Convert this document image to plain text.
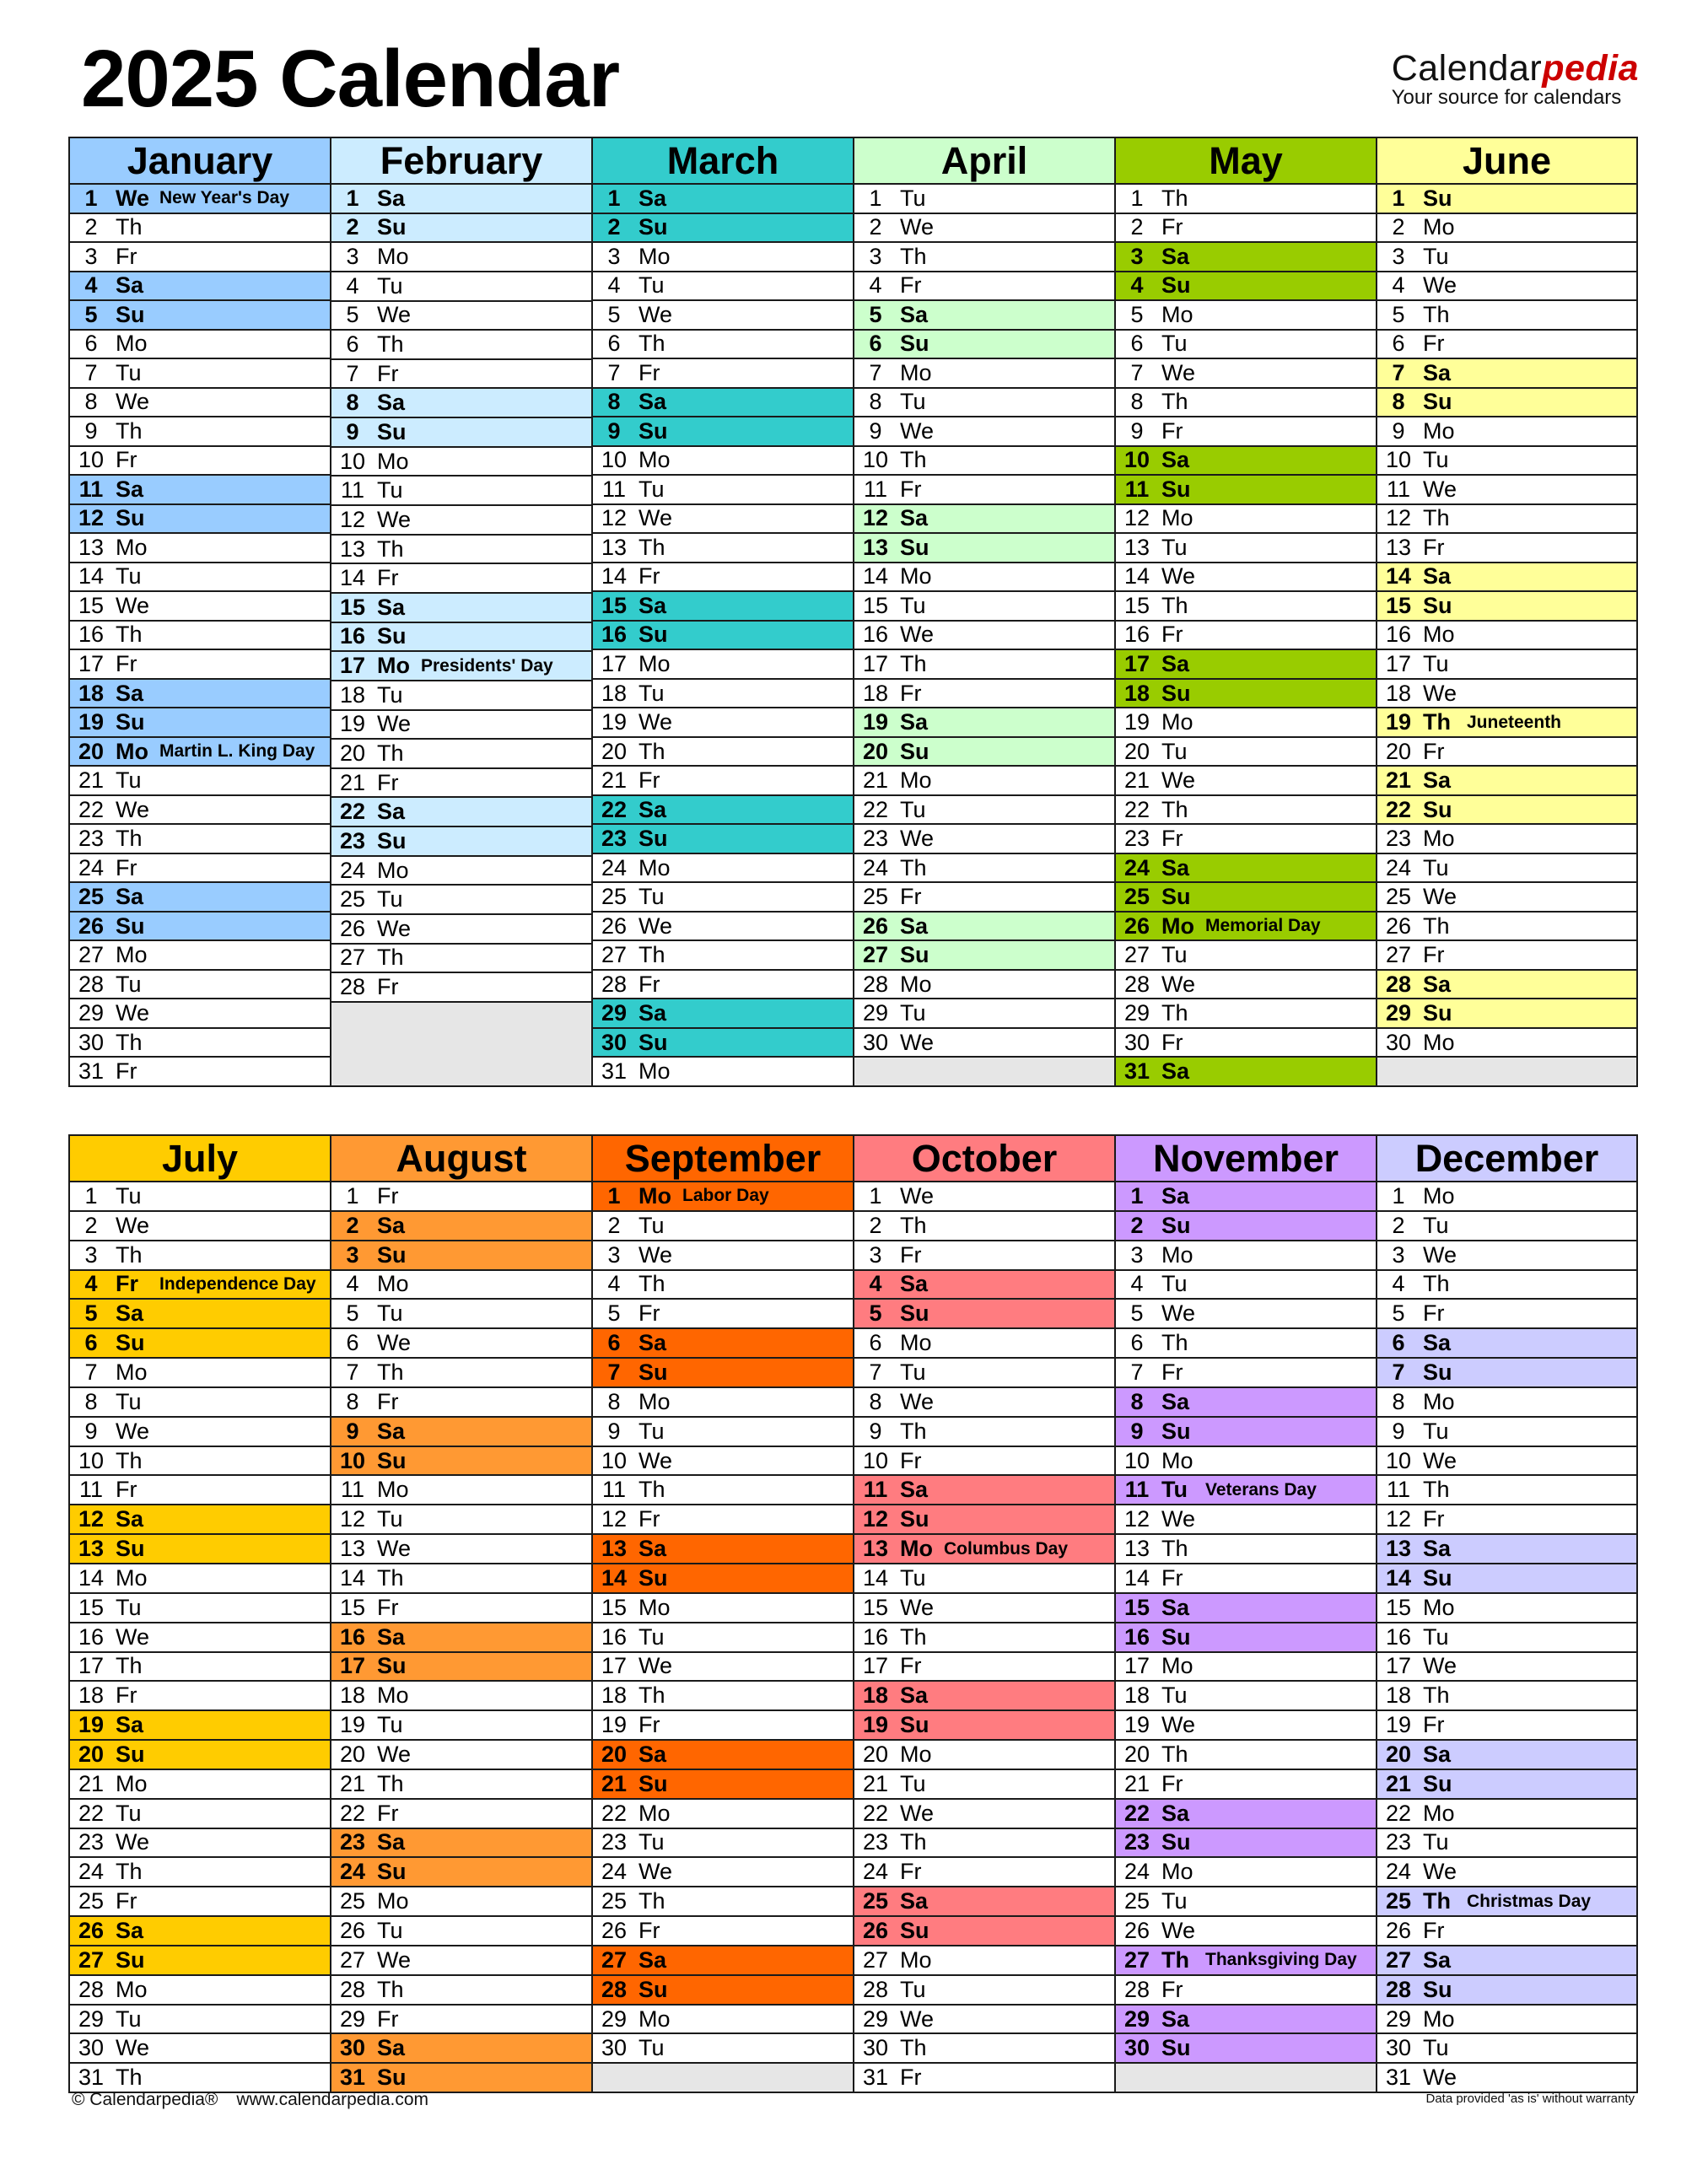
2025 Calendar	Calendarpedia
Your source for calendars
January
1 We New Year's Day
2 Th
3 Fr
4 Sa
5 Su
6 Mo
7 Tu
8 We
9 Th
10 Fr
11 Sa
12 Su
13 Mo
14 Tu
15 We
16 Th
17 Fr
18 Sa
19 Su
20 Mo Martin L. King Day
21 Tu
22 We
23 Th
24 Fr
25 Sa
26 Su
27 Mo
28 Tu
29 We
30 Th
31 Fr
February
1 Sa
2 Su
3 Mo
4 Tu
5 We
6 Th
7 Fr
8 Sa
9 Su
10 Mo
11 Tu
12 We
13 Th
14 Fr
15 Sa
16 Su
17 Mo Presidents' Day
18 Tu
19 We
20 Th
21 Fr
22 Sa
23 Su
24 Mo
25 Tu
26 We
27 Th
28 Fr
March
1 Sa
2 Su
3 Mo
4 Tu
5 We
6 Th
7 Fr
8 Sa
9 Su
10 Mo
11 Tu
12 We
13 Th
14 Fr
15 Sa
16 Su
17 Mo
18 Tu
19 We
20 Th
21 Fr
22 Sa
23 Su
24 Mo
25 Tu
26 We
27 Th
28 Fr
29 Sa
30 Su
31 Mo
April
1 Tu
2 We
3 Th
4 Fr
5 Sa
6 Su
7 Mo
8 Tu
9 We
10 Th
11 Fr
12 Sa
13 Su
14 Mo
15 Tu
16 We
17 Th
18 Fr
19 Sa
20 Su
21 Mo
22 Tu
23 We
24 Th
25 Fr
26 Sa
27 Su
28 Mo
29 Tu
30 We
May
1 Th
2 Fr
3 Sa
4 Su
5 Mo
6 Tu
7 We
8 Th
9 Fr
10 Sa
11 Su
12 Mo
13 Tu
14 We
15 Th
16 Fr
17 Sa
18 Su
19 Mo
20 Tu
21 We
22 Th
23 Fr
24 Sa
25 Su
26 Mo Memorial Day
27 Tu
28 We
29 Th
30 Fr
31 Sa
June
1 Su
2 Mo
3 Tu
4 We
5 Th
6 Fr
7 Sa
8 Su
9 Mo
10 Tu
11 We
12 Th
13 Fr
14 Sa
15 Su
16 Mo
17 Tu
18 We
19 Th Juneteenth
20 Fr
21 Sa
22 Su
23 Mo
24 Tu
25 We
26 Th
27 Fr
28 Sa
29 Su
30 Mo
July
1 Tu
2 We
3 Th
4 Fr	Independence Day
5 Sa
6 Su
7 Mo
8 Tu
9 We
10 Th
11 Fr
12 Sa
13 Su
14 Mo
15 Tu
16 We
17 Th
18 Fr
19 Sa
20 Su
21 Mo
22 Tu
23 We
24 Th
25 Fr
26 Sa
27 Su
28 Mo
29 Tu
30 We
31 Th
August
1 Fr
2 Sa
3 Su
4 Mo
5 Tu
6 We
7 Th
8 Fr
9 Sa
10 Su
11 Mo
12 Tu
13 We
14 Th
15 Fr
16 Sa
17 Su
18 Mo
19 Tu
20 We
21 Th
22 Fr
23 Sa
24 Su
25 Mo
26 Tu
27 We
28 Th
29 Fr
30 Sa
31 Su
September
1 Mo Labor Day
2 Tu
3 We
4 Th
5 Fr
6 Sa
7 Su
8 Mo
9 Tu
10 We
11 Th
12 Fr
13 Sa
14 Su
15 Mo
16 Tu
17 We
18 Th
19 Fr
20 Sa
21 Su
22 Mo
23 Tu
24 We
25 Th
26 Fr
27 Sa
28 Su
29 Mo
30 Tu
October
1 We
2 Th
3 Fr
4 Sa
5 Su
6 Mo
7 Tu
8 We
9 Th
10 Fr
11 Sa
12 Su
13 Mo Columbus Day
14 Tu
15 We
16 Th
17 Fr
18 Sa
19 Su
20 Mo
21 Tu
22 We
23 Th
24 Fr
25 Sa
26 Su
27 Mo
28 Tu
29 We
30 Th
31 Fr
November
1 Sa
2 Su
3 Mo
4 Tu
5 We
6 Th
7 Fr
8 Sa
9 Su
10 Mo
11 Tu	Veterans Day
12 We
13 Th
14 Fr
15 Sa
16 Su
17 Mo
18 Tu
19 We
20 Th
21 Fr
22 Sa
23 Su
24 Mo
25 Tu
26 We
27 Th Thanksgiving Day
28 Fr
29 Sa
30 Su
December
1 Mo
2 Tu
3 We
4 Th
5 Fr
6 Sa
7 Su
8 Mo
9 Tu
10 We
11 Th
12 Fr
13 Sa
14 Su
15 Mo
16 Tu
17 We
18 Th
19 Fr
20 Sa
21 Su
22 Mo
23 Tu
24 We
25 Th Christmas Day
26 Fr
27 Sa
28 Su
29 Mo
30 Tu
31 We
© Calendarpedia® www.calendarpedia.com	Data provided 'as is' without warranty
